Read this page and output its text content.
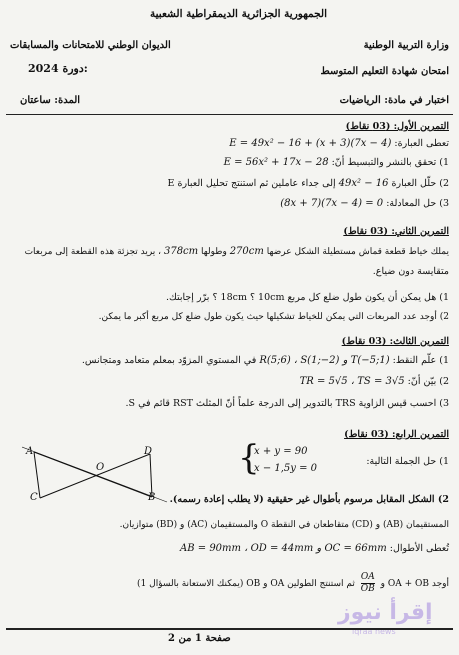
الجمهورية الجزائرية الديمقراطية الشعبية
وزارة التربية الوطنية
الديوان الوطني للامتحانات والمسابقات
امتحان شهادة التعليم المتوسط
2024 دورة:
اختبار في مادة: الرياضيات
المدة: ساعتان
التمرين الأول: (03 نقاط)
تعطى العبارة: E = 49x² − 16 + (x + 3)(7x − 4)
1) تحقق بالنشر والتبسيط أنّ: E = 56x² + 17x − 28
2) حلّل العبارة 49x² − 16 إلى جداء عاملين ثم استنتج تحليل العبارة E
3) حل المعادلة: (8x + 7)(7x − 4) = 0
التمرين الثاني: (03 نقاط)
يملك خياط قطعة قماش مستطيلة الشكل عرضها 270cm وطولها 378cm ، يريد تجزئة هذه القطعة إلى مربعات
متقايسة دون ضياع.
1) هل يمكن أن يكون طول ضلع كل مربع 10cm ؟ 18cm ؟ برّر إجابتك.
2) أوجد عدد المربعات التي يمكن للخياط تشكيلها حيث يكون طول ضلع كل مربع أكبر ما يمكن.
التمرين الثالث: (03 نقاط)
1) علّم النقط: R(5;6) ، S(1;−2) و T(−5;1) في المستوي المزوّد بمعلم متعامد ومتجانس.
2) بيّن أنّ: TR = 5√5 ، TS = 3√5
3) احسب قيس الزاوية TRS بالتدوير إلى الدرجة علماً أنّ المثلث RST قائم في S.
التمرين الرابع: (03 نقاط)
1) حل الجملة التالية:
{
x + y = 90
x − 1,5y = 0
A
C
O
D
B 2) الشكل المقابل مرسوم بأطوال غير حقيقية (لا يطلب إعادة رسمه).
المستقيمان (AB) و (CD) متقاطعان في النقطة O والمستقيمان (AC) و (BD) متوازيان.
تُعطى الأطوال: AB = 90mm ، OD = 44mm و OC = 66mm
أوجد OA + OB و
$\frac{OA}{OB}$
ثم استنتج الطولين OA و OB (يمكنك الاستعانة بالسؤال 1)
إقرأ نيوز
iqraa news
صفحة 1 من 2
